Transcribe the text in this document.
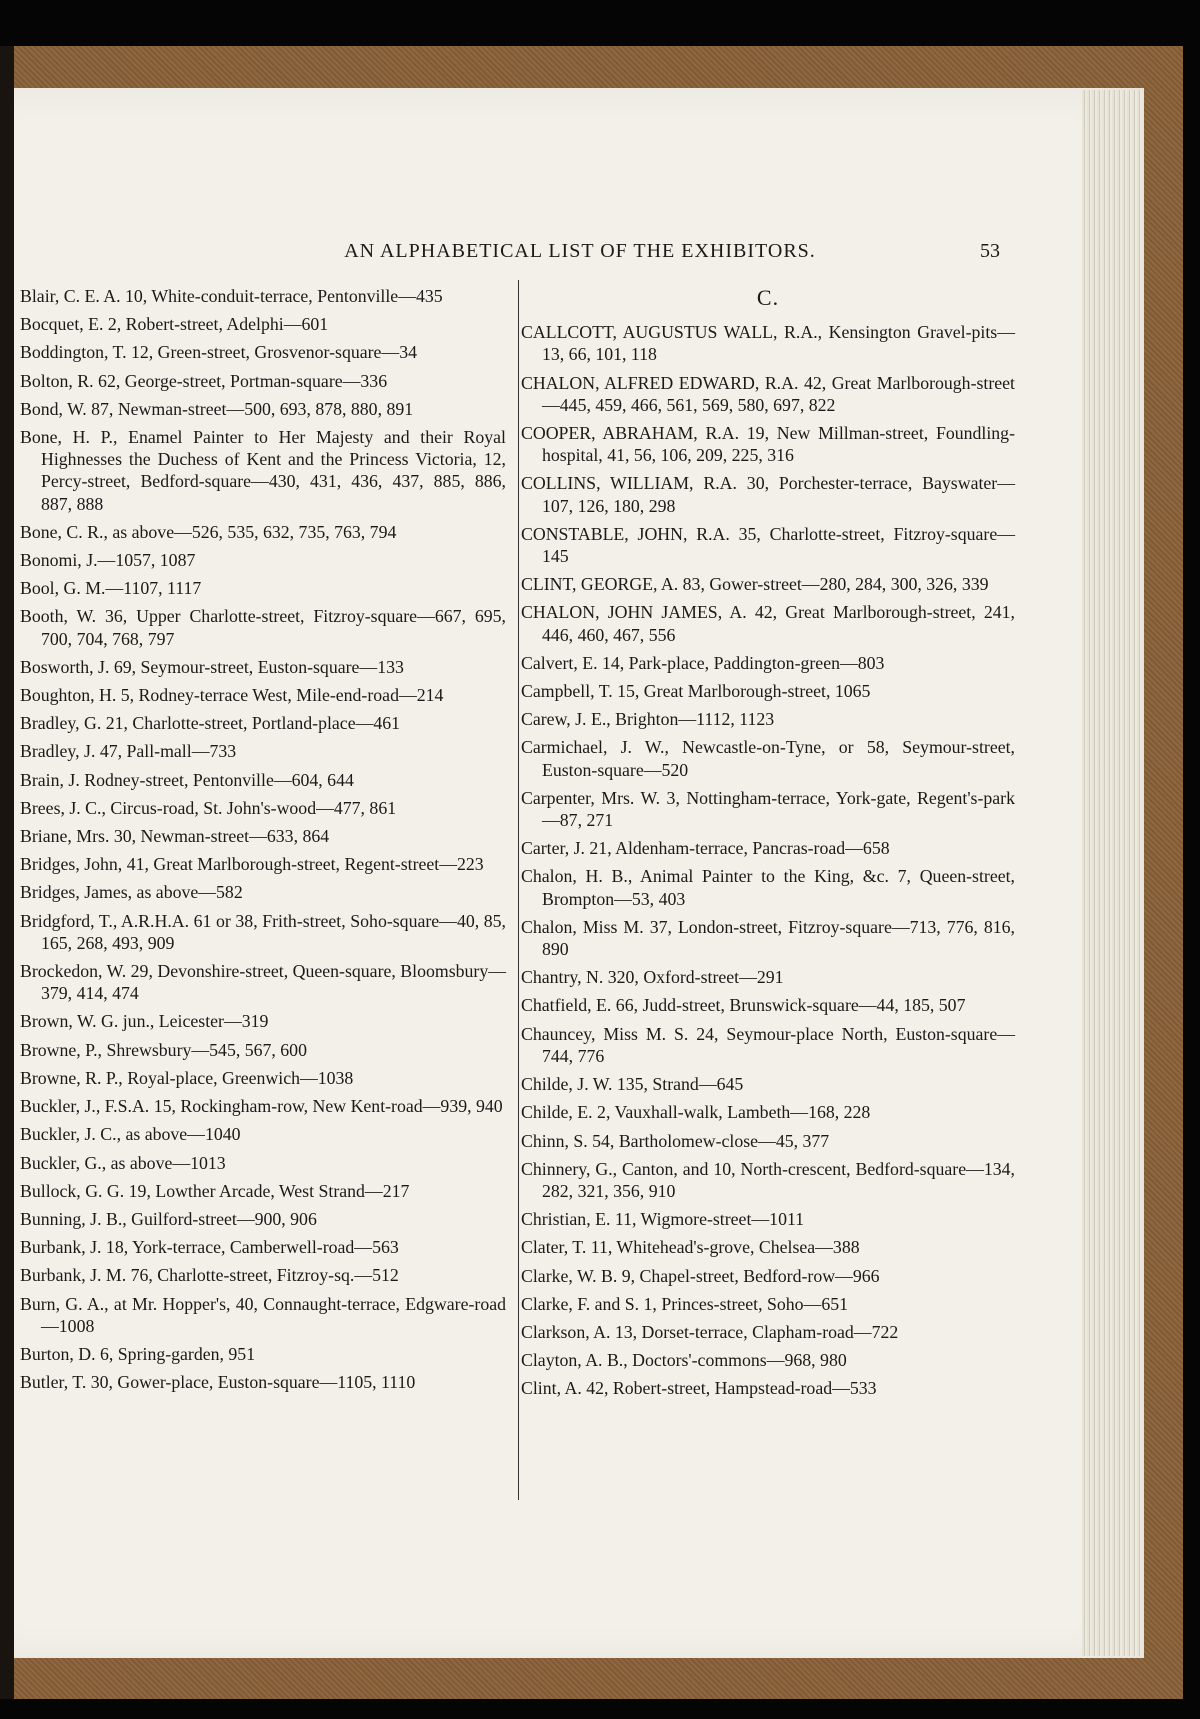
AN ALPHABETICAL LIST OF THE EXHIBITORS.	53
Blair, C. E. A. 10, White-conduit-terrace, Pentonville—435
Bocquet, E. 2, Robert-street, Adelphi—601
Boddington, T. 12, Green-street, Grosvenor-square—34
Bolton, R. 62, George-street, Portman-square—336
Bond, W. 87, Newman-street—500, 693, 878, 880, 891
Bone, H. P., Enamel Painter to Her Majesty and their Royal Highnesses the Duchess of Kent and the Princess Victoria, 12, Percy-street, Bedford-square—430, 431, 436, 437, 885, 886, 887, 888
Bone, C. R., as above—526, 535, 632, 735, 763, 794
Bonomi, J.—1057, 1087
Bool, G. M.—1107, 1117
Booth, W. 36, Upper Charlotte-street, Fitzroy-square—667, 695, 700, 704, 768, 797
Bosworth, J. 69, Seymour-street, Euston-square—133
Boughton, H. 5, Rodney-terrace West, Mile-end-road—214
Bradley, G. 21, Charlotte-street, Portland-place—461
Bradley, J. 47, Pall-mall—733
Brain, J. Rodney-street, Pentonville—604, 644
Brees, J. C., Circus-road, St. John's-wood—477, 861
Briane, Mrs. 30, Newman-street—633, 864
Bridges, John, 41, Great Marlborough-street, Regent-street—223
Bridges, James, as above—582
Bridgford, T., A.R.H.A. 61 or 38, Frith-street, Soho-square—40, 85, 165, 268, 493, 909
Brockedon, W. 29, Devonshire-street, Queen-square, Bloomsbury—379, 414, 474
Brown, W. G. jun., Leicester—319
Browne, P., Shrewsbury—545, 567, 600
Browne, R. P., Royal-place, Greenwich—1038
Buckler, J., F.S.A. 15, Rockingham-row, New Kent-road—939, 940
Buckler, J. C., as above—1040
Buckler, G., as above—1013
Bullock, G. G. 19, Lowther Arcade, West Strand—217
Bunning, J. B., Guilford-street—900, 906
Burbank, J. 18, York-terrace, Camberwell-road—563
Burbank, J. M. 76, Charlotte-street, Fitzroy-sq.—512
Burn, G. A., at Mr. Hopper's, 40, Connaught-terrace, Edgware-road—1008
Burton, D. 6, Spring-garden, 951
Butler, T. 30, Gower-place, Euston-square—1105, 1110
C.
CALLCOTT, AUGUSTUS WALL, R.A., Kensington Gravel-pits—13, 66, 101, 118
CHALON, ALFRED EDWARD, R.A. 42, Great Marlborough-street—445, 459, 466, 561, 569, 580, 697, 822
COOPER, ABRAHAM, R.A. 19, New Millman-street, Foundling-hospital, 41, 56, 106, 209, 225, 316
COLLINS, WILLIAM, R.A. 30, Porchester-terrace, Bayswater—107, 126, 180, 298
CONSTABLE, JOHN, R.A. 35, Charlotte-street, Fitzroy-square—145
CLINT, GEORGE, A. 83, Gower-street—280, 284, 300, 326, 339
CHALON, JOHN JAMES, A. 42, Great Marlborough-street, 241, 446, 460, 467, 556
Calvert, E. 14, Park-place, Paddington-green—803
Campbell, T. 15, Great Marlborough-street, 1065
Carew, J. E., Brighton—1112, 1123
Carmichael, J. W., Newcastle-on-Tyne, or 58, Seymour-street, Euston-square—520
Carpenter, Mrs. W. 3, Nottingham-terrace, York-gate, Regent's-park—87, 271
Carter, J. 21, Aldenham-terrace, Pancras-road—658
Chalon, H. B., Animal Painter to the King, &c. 7, Queen-street, Brompton—53, 403
Chalon, Miss M. 37, London-street, Fitzroy-square—713, 776, 816, 890
Chantry, N. 320, Oxford-street—291
Chatfield, E. 66, Judd-street, Brunswick-square—44, 185, 507
Chauncey, Miss M. S. 24, Seymour-place North, Euston-square—744, 776
Childe, J. W. 135, Strand—645
Childe, E. 2, Vauxhall-walk, Lambeth—168, 228
Chinn, S. 54, Bartholomew-close—45, 377
Chinnery, G., Canton, and 10, North-crescent, Bedford-square—134, 282, 321, 356, 910
Christian, E. 11, Wigmore-street—1011
Clater, T. 11, Whitehead's-grove, Chelsea—388
Clarke, W. B. 9, Chapel-street, Bedford-row—966
Clarke, F. and S. 1, Princes-street, Soho—651
Clarkson, A. 13, Dorset-terrace, Clapham-road—722
Clayton, A. B., Doctors'-commons—968, 980
Clint, A. 42, Robert-street, Hampstead-road—533
